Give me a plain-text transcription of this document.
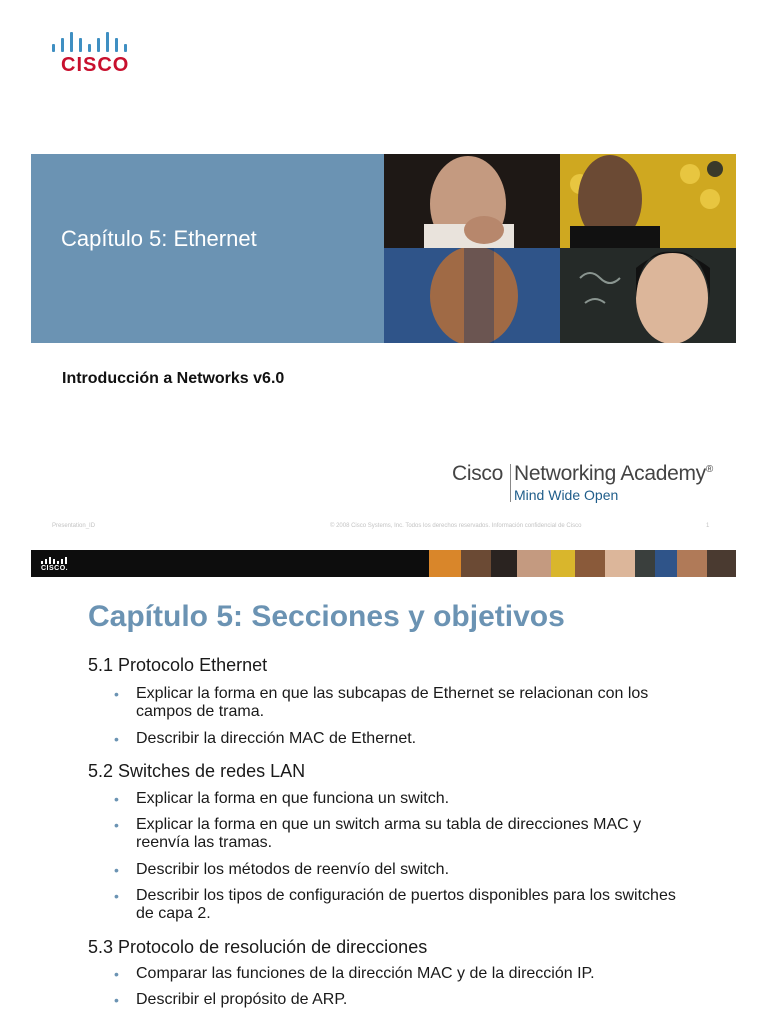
CISCO
Capítulo 5: Ethernet
Introducción a Networks v6.0
Cisco Networking Academy®
Mind Wide Open
Presentation_ID	© 2008 Cisco Systems, Inc. Todos los derechos reservados. Información confidencial de Cisco	1
CISCO.
Capítulo 5: Secciones y objetivos
5.1 Protocolo Ethernet
• Explicar la forma en que las subcapas de Ethernet se relacionan con los campos de trama.
• Describir la dirección MAC de Ethernet.
5.2 Switches de redes LAN
• Explicar la forma en que funciona un switch.
• Explicar la forma en que un switch arma su tabla de direcciones MAC y reenvía las tramas.
• Describir los métodos de reenvío del switch.
• Describir los tipos de configuración de puertos disponibles para los switches de capa 2.
5.3 Protocolo de resolución de direcciones
• Comparar las funciones de la dirección MAC y de la dirección IP.
• Describir el propósito de ARP.
